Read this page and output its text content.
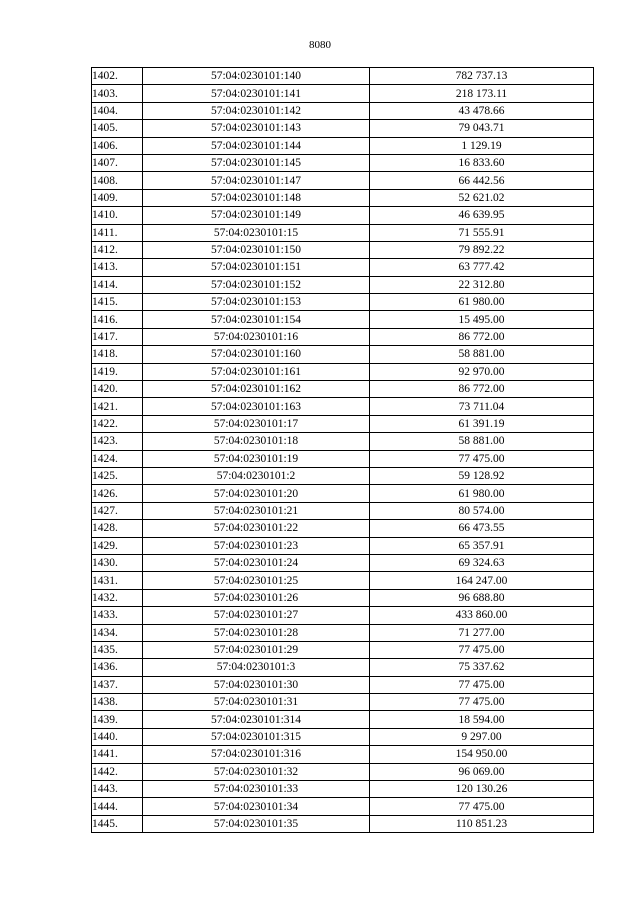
8080
1402.	57:04:0230101:140	782 737.13
1403.	57:04:0230101:141	218 173.11
1404.	57:04:0230101:142	43 478.66
1405.	57:04:0230101:143	79 043.71
1406.	57:04:0230101:144	1 129.19
1407.	57:04:0230101:145	16 833.60
1408.	57:04:0230101:147	66 442.56
1409.	57:04:0230101:148	52 621.02
1410.	57:04:0230101:149	46 639.95
1411.	57:04:0230101:15	71 555.91
1412.	57:04:0230101:150	79 892.22
1413.	57:04:0230101:151	63 777.42
1414.	57:04:0230101:152	22 312.80
1415.	57:04:0230101:153	61 980.00
1416.	57:04:0230101:154	15 495.00
1417.	57:04:0230101:16	86 772.00
1418.	57:04:0230101:160	58 881.00
1419.	57:04:0230101:161	92 970.00
1420.	57:04:0230101:162	86 772.00
1421.	57:04:0230101:163	73 711.04
1422.	57:04:0230101:17	61 391.19
1423.	57:04:0230101:18	58 881.00
1424.	57:04:0230101:19	77 475.00
1425.	57:04:0230101:2	59 128.92
1426.	57:04:0230101:20	61 980.00
1427.	57:04:0230101:21	80 574.00
1428.	57:04:0230101:22	66 473.55
1429.	57:04:0230101:23	65 357.91
1430.	57:04:0230101:24	69 324.63
1431.	57:04:0230101:25	164 247.00
1432.	57:04:0230101:26	96 688.80
1433.	57:04:0230101:27	433 860.00
1434.	57:04:0230101:28	71 277.00
1435.	57:04:0230101:29	77 475.00
1436.	57:04:0230101:3	75 337.62
1437.	57:04:0230101:30	77 475.00
1438.	57:04:0230101:31	77 475.00
1439.	57:04:0230101:314	18 594.00
1440.	57:04:0230101:315	9 297.00
1441.	57:04:0230101:316	154 950.00
1442.	57:04:0230101:32	96 069.00
1443.	57:04:0230101:33	120 130.26
1444.	57:04:0230101:34	77 475.00
1445.	57:04:0230101:35	110 851.23
